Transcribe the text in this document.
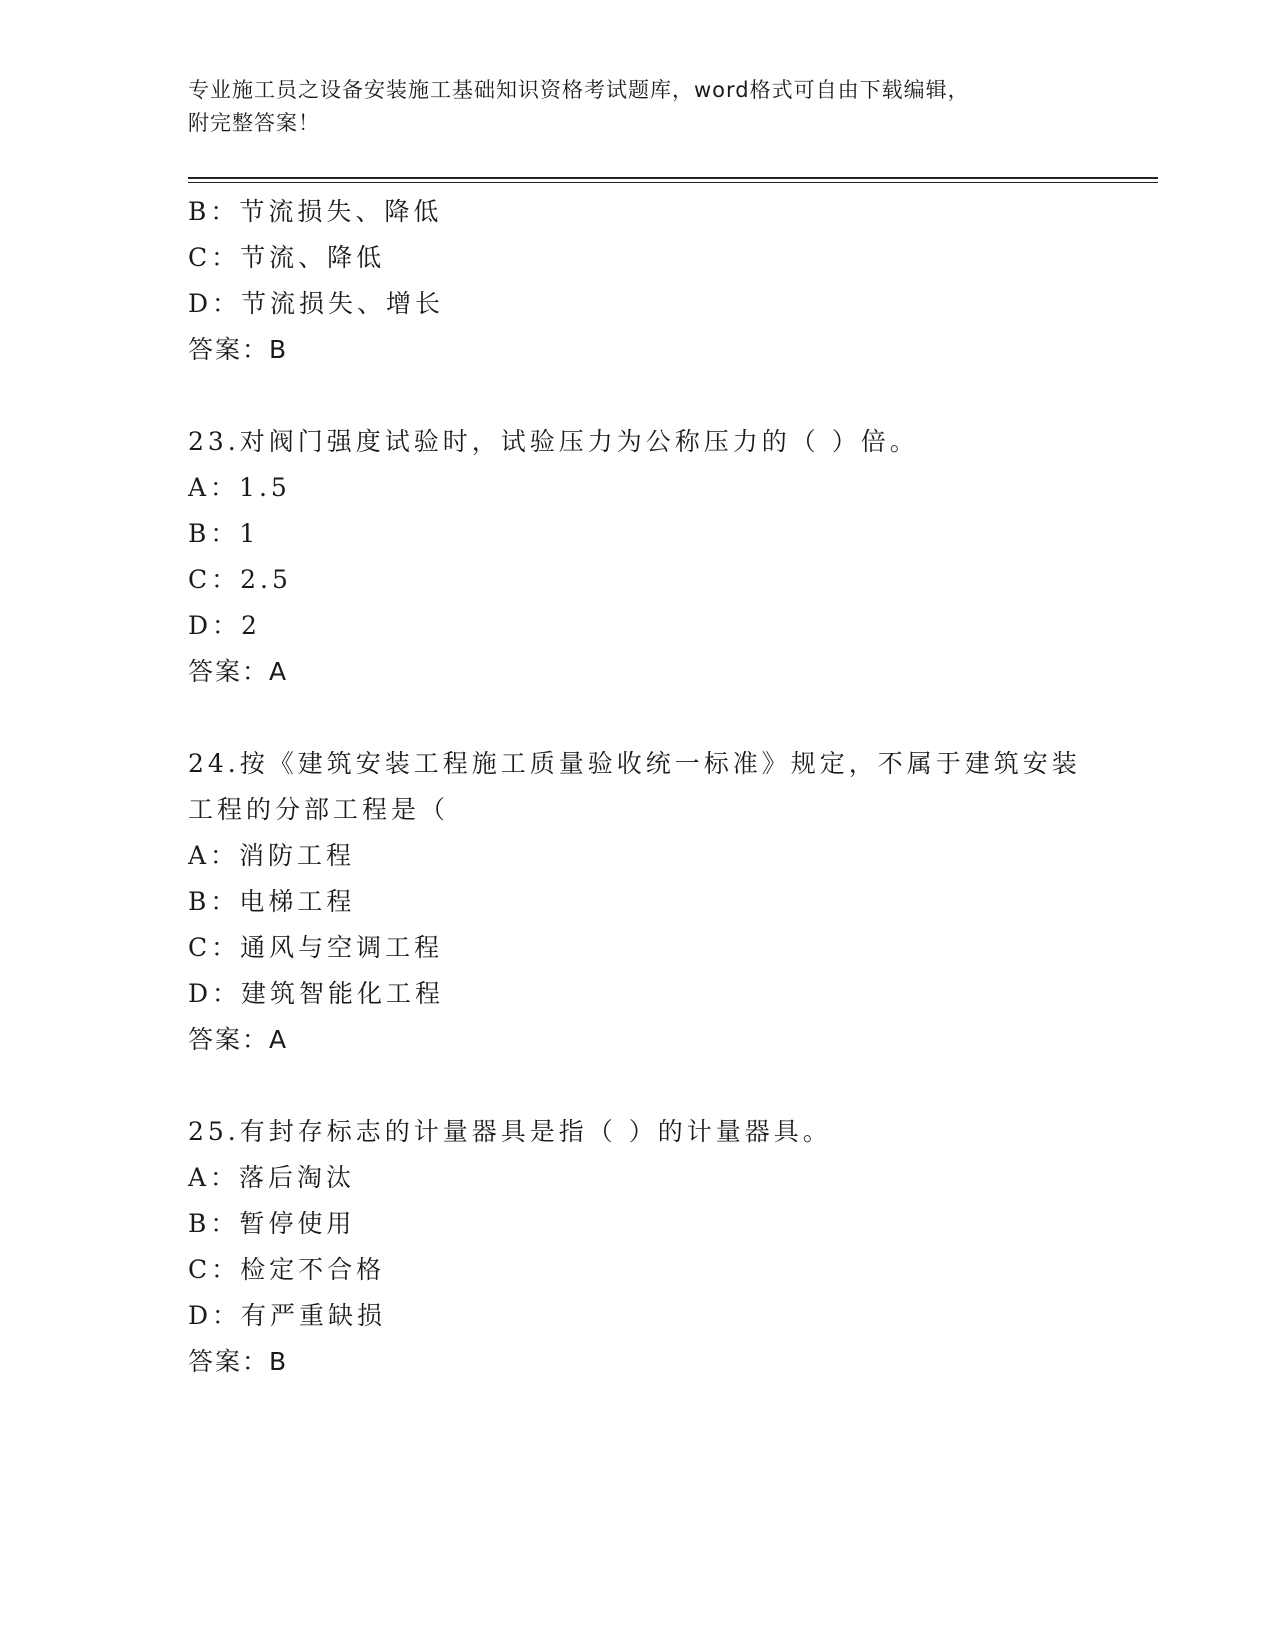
专业施工员之设备安装施工基础知识资格考试题库，word格式可自由下载编辑，
附完整答案！
B：节流损失、降低
C：节流、降低
D：节流损失、增长
答案：B
23.对阀门强度试验时，试验压力为公称压力的（ ）倍。
A：1.5
B：1
C：2.5
D：2
答案：A
24.按《建筑安装工程施工质量验收统一标准》规定，不属于建筑安装
工程的分部工程是（
A：消防工程
B：电梯工程
C：通风与空调工程
D：建筑智能化工程
答案：A
25.有封存标志的计量器具是指（ ）的计量器具。
A：落后淘汰
B：暂停使用
C：检定不合格
D：有严重缺损
答案：B
